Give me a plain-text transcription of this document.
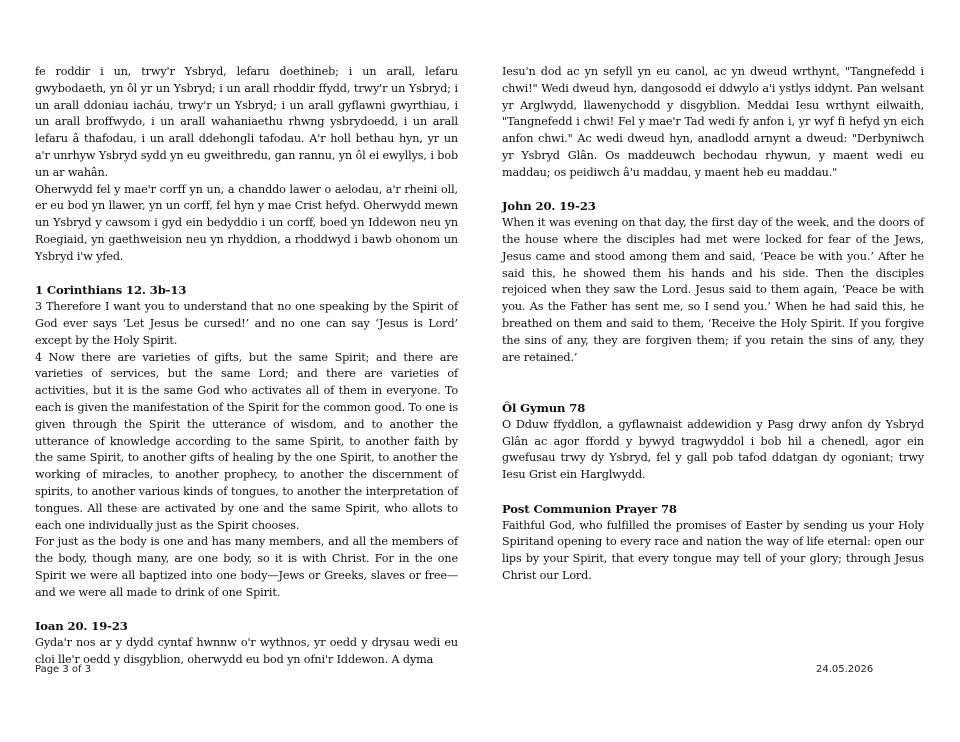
fe roddir i un, trwy'r Ysbryd, lefaru doethineb; i un arall, lefaru gwybodaeth, yn ôl yr un Ysbryd; i un arall rhoddir ffydd, trwy'r un Ysbryd; i un arall ddoniau iacháu, trwy'r un Ysbryd; i un arall gyflawni gwyrthiau, i un arall broffwydo, i un arall wahaniaethu rhwng ysbrydoedd, i un arall lefaru â thafodau, i un arall ddehongli tafodau. A'r holl bethau hyn, yr un a'r unrhyw Ysbryd sydd yn eu gweithredu, gan rannu, yn ôl ei ewyllys, i bob un ar wahân.

Oherwydd fel y mae'r corff yn un, a chanddo lawer o aelodau, a'r rheini oll, er eu bod yn llawer, yn un corff, fel hyn y mae Crist hefyd. Oherwydd mewn un Ysbryd y cawsom i gyd ein bedyddio i un corff, boed yn Iddewon neu yn Roegiaid, yn gaethweision neu yn rhyddion, a rhoddwyd i bawb ohonom un Ysbryd i'w yfed.

1 Corinthians 12. 3b-13

3 Therefore I want you to understand that no one speaking by the Spirit of God ever says ‘Let Jesus be cursed!’ and no one can say ‘Jesus is Lord’ except by the Holy Spirit.

4 Now there are varieties of gifts, but the same Spirit; and there are varieties of services, but the same Lord; and there are varieties of activities, but it is the same God who activates all of them in everyone. To each is given the manifestation of the Spirit for the common good. To one is given through the Spirit the utterance of wisdom, and to another the utterance of knowledge according to the same Spirit, to another faith by the same Spirit, to another gifts of healing by the one Spirit, to another the working of miracles, to another prophecy, to another the discernment of spirits, to another various kinds of tongues, to another the interpretation of tongues. All these are activated by one and the same Spirit, who allots to each one individually just as the Spirit chooses.

For just as the body is one and has many members, and all the members of the body, though many, are one body, so it is with Christ. For in the one Spirit we were all baptized into one body—Jews or Greeks, slaves or free—and we were all made to drink of one Spirit.

Ioan 20. 19-23

Gyda'r nos ar y dydd cyntaf hwnnw o'r wythnos, yr oedd y drysau wedi eu cloi lle'r oedd y disgyblion, oherwydd eu bod yn ofni'r Iddewon. A dyma

Iesu'n dod ac yn sefyll yn eu canol, ac yn dweud wrthynt, "Tangnefedd i chwi!" Wedi dweud hyn, dangosodd ei ddwylo a'i ystlys iddynt. Pan welsant yr Arglwydd, llawenychodd y disgyblion. Meddai Iesu wrthynt eilwaith, "Tangnefedd i chwi! Fel y mae'r Tad wedi fy anfon i, yr wyf fi hefyd yn eich anfon chwi." Ac wedi dweud hyn, anadlodd arnynt a dweud: "Derbyniwch yr Ysbryd Glân. Os maddeuwch bechodau rhywun, y maent wedi eu maddau; os peidiwch â'u maddau, y maent heb eu maddau."

John 20. 19-23

When it was evening on that day, the first day of the week, and the doors of the house where the disciples had met were locked for fear of the Jews, Jesus came and stood among them and said, ‘Peace be with you.’ After he said this, he showed them his hands and his side. Then the disciples rejoiced when they saw the Lord. Jesus said to them again, ‘Peace be with you. As the Father has sent me, so I send you.’ When he had said this, he breathed on them and said to them, ‘Receive the Holy Spirit. If you forgive the sins of any, they are forgiven them; if you retain the sins of any, they are retained.’

Ôl Gymun 78

O Dduw ffyddlon, a gyflawnaist addewidion y Pasg drwy anfon dy Ysbryd Glân ac agor ffordd y bywyd tragwyddol i bob hil a chenedl, agor ein gwefusau trwy dy Ysbryd, fel y gall pob tafod ddatgan dy ogoniant; trwy Iesu Grist ein Harglwydd.

Post Communion Prayer 78

Faithful God, who fulfilled the promises of Easter by sending us your Holy Spiritand opening to every race and nation the way of life eternal: open our lips by your Spirit, that every tongue may tell of your glory; through Jesus Christ our Lord.

Page 3 of 3	24.05.2026
